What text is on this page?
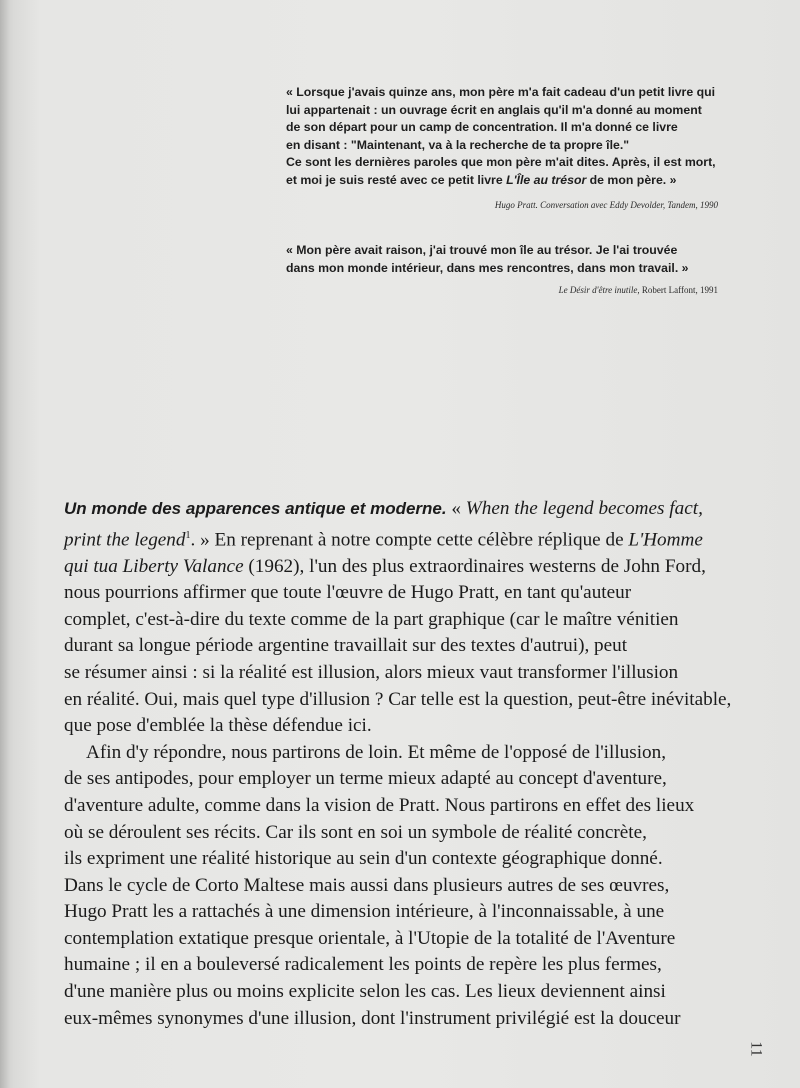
« Lorsque j'avais quinze ans, mon père m'a fait cadeau d'un petit livre qui

lui appartenait : un ouvrage écrit en anglais qu'il m'a donné au moment

de son départ pour un camp de concentration. Il m'a donné ce livre

en disant : "Maintenant, va à la recherche de ta propre île."

Ce sont les dernières paroles que mon père m'ait dites. Après, il est mort,

et moi je suis resté avec ce petit livre L'Île au trésor de mon père. »

Hugo Pratt. Conversation avec Eddy Devolder, Tandem, 1990

« Mon père avait raison, j'ai trouvé mon île au trésor. Je l'ai trouvée

dans mon monde intérieur, dans mes rencontres, dans mon travail. »

Le Désir d'être inutile, Robert Laffont, 1991
Un monde des apparences antique et moderne. « When the legend becomes fact,
print the legend$^1$. » En reprenant à notre compte cette célèbre réplique de L'Homme
qui tua Liberty Valance (1962), l'un des plus extraordinaires westerns de John Ford,
nous pourrions affirmer que toute l'œuvre de Hugo Pratt, en tant qu'auteur
complet, c'est-à-dire du texte comme de la part graphique (car le maître vénitien
durant sa longue période argentine travaillait sur des textes d'autrui), peut
se résumer ainsi : si la réalité est illusion, alors mieux vaut transformer l'illusion
en réalité. Oui, mais quel type d'illusion ? Car telle est la question, peut-être inévitable,
que pose d'emblée la thèse défendue ici.
Afin d'y répondre, nous partirons de loin. Et même de l'opposé de l'illusion,
de ses antipodes, pour employer un terme mieux adapté au concept d'aventure,
d'aventure adulte, comme dans la vision de Pratt. Nous partirons en effet des lieux
où se déroulent ses récits. Car ils sont en soi un symbole de réalité concrète,
ils expriment une réalité historique au sein d'un contexte géographique donné.
Dans le cycle de Corto Maltese mais aussi dans plusieurs autres de ses œuvres,
Hugo Pratt les a rattachés à une dimension intérieure, à l'inconnaissable, à une
contemplation extatique presque orientale, à l'Utopie de la totalité de l'Aventure
humaine ; il en a bouleversé radicalement les points de repère les plus fermes,
d'une manière plus ou moins explicite selon les cas. Les lieux deviennent ainsi
eux-mêmes synonymes d'une illusion, dont l'instrument privilégié est la douceur
11
